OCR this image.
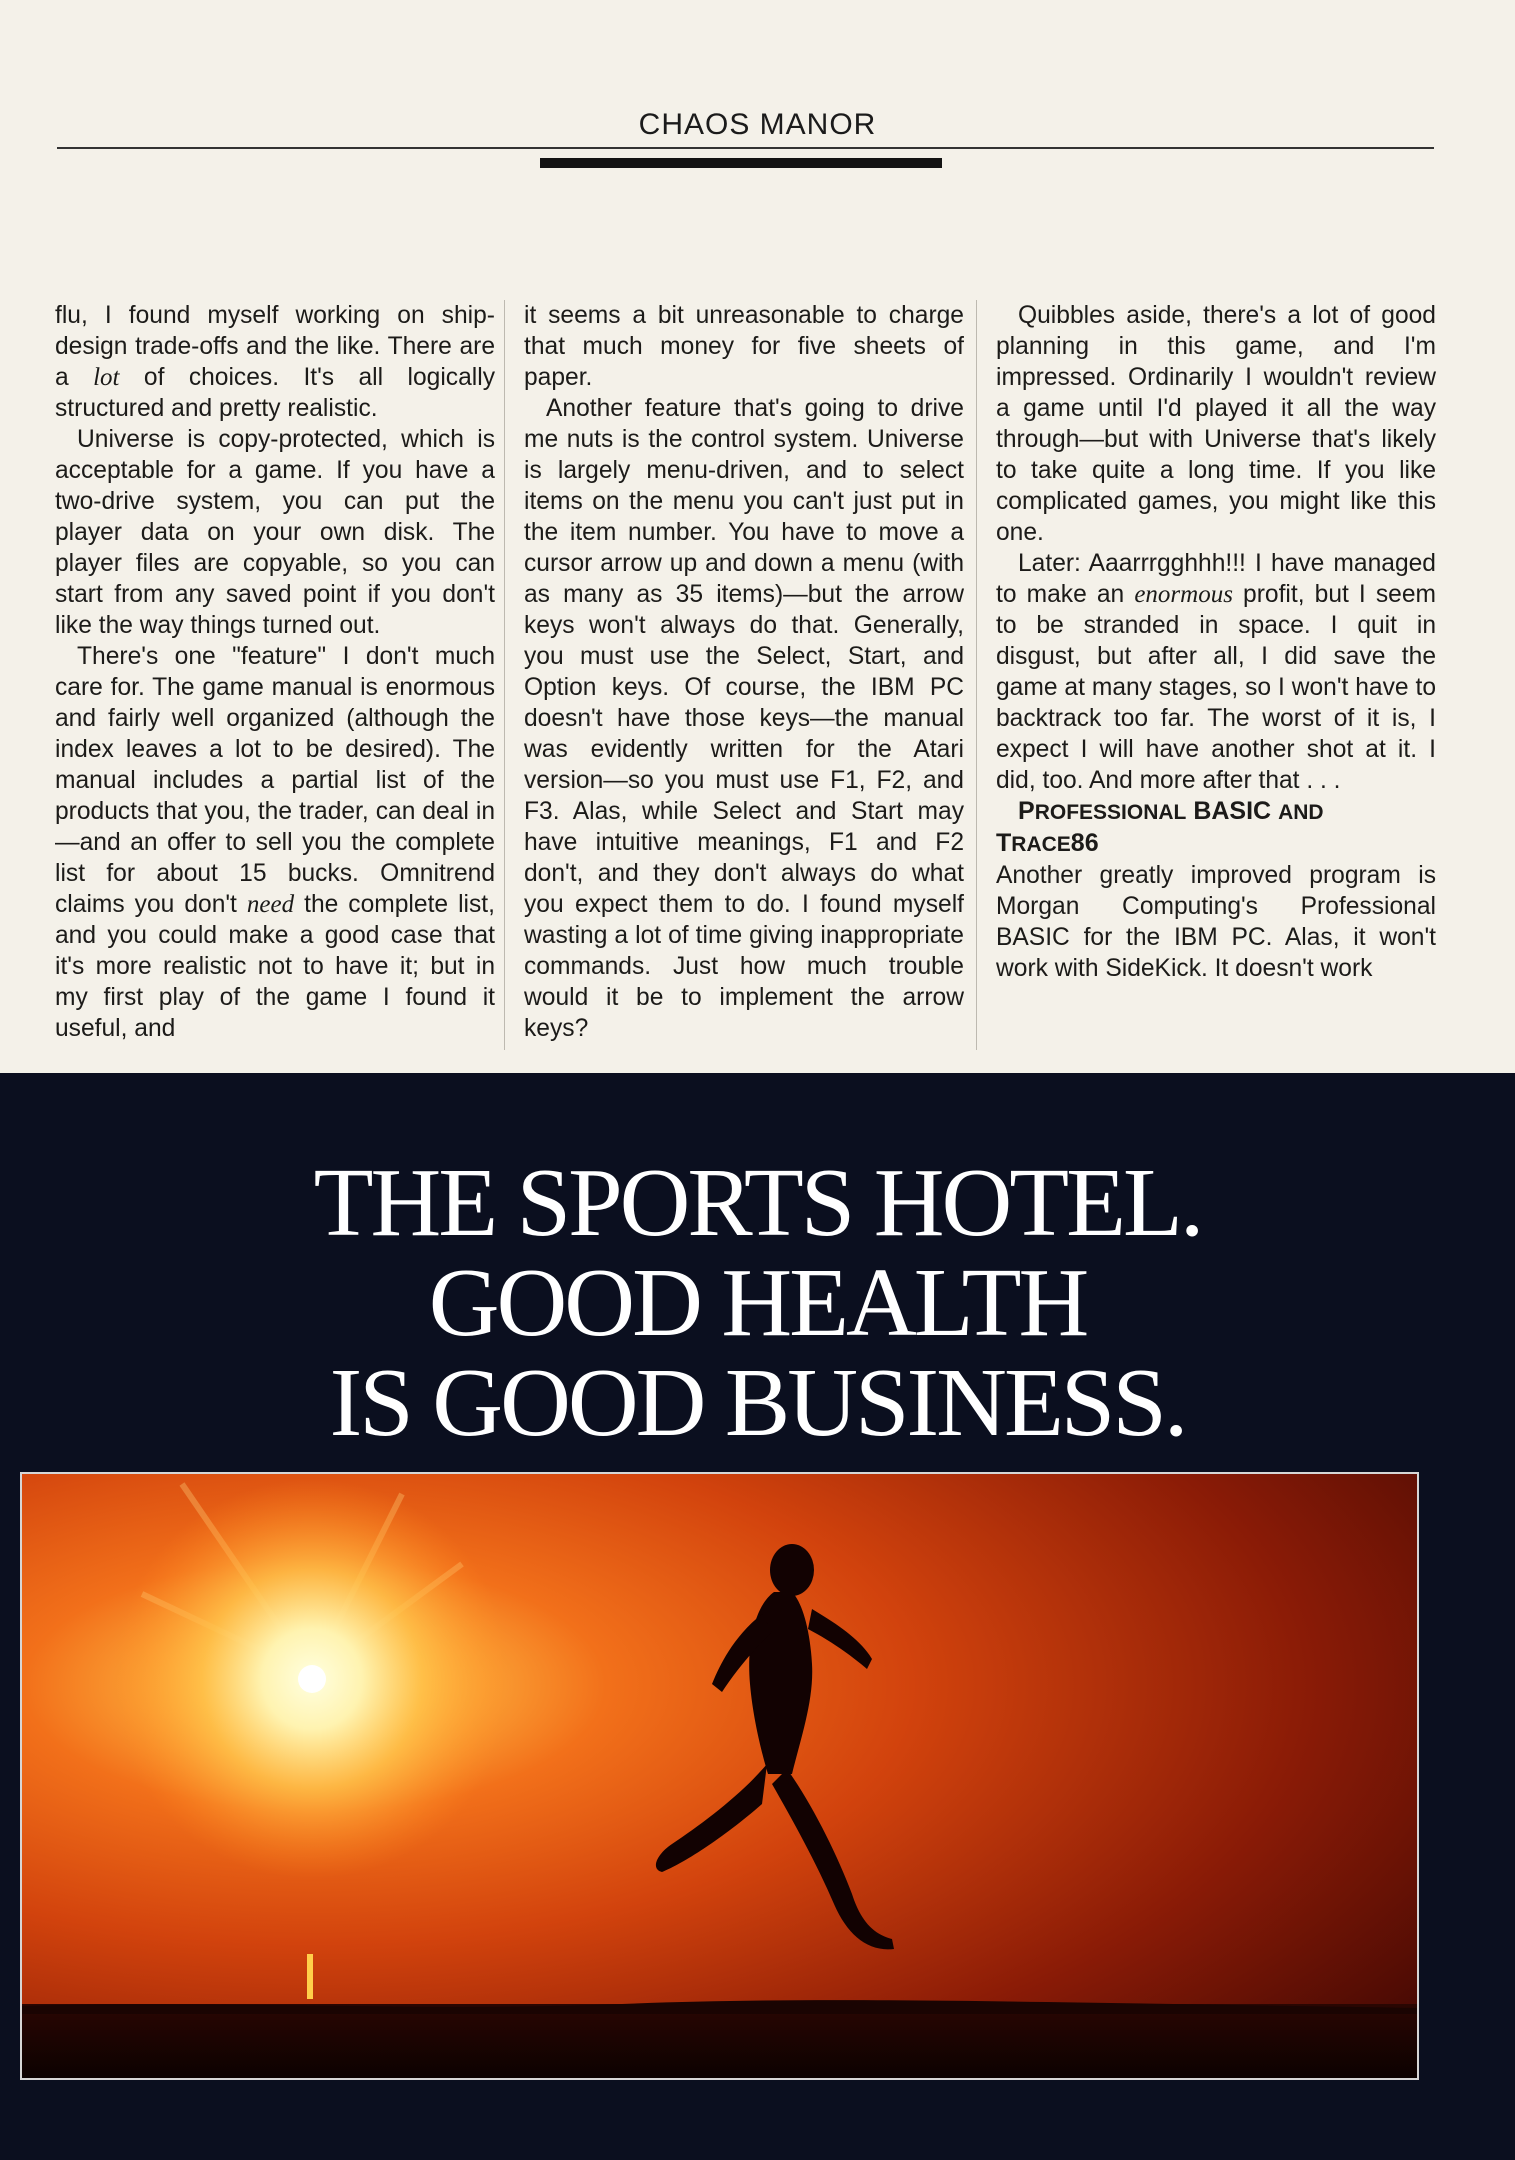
CHAOS MANOR

flu, I found myself working on ship-design trade-offs and the like. There are a lot of choices. It's all logically structured and pretty realistic.

Universe is copy-protected, which is acceptable for a game. If you have a two-drive system, you can put the player data on your own disk. The player files are copyable, so you can start from any saved point if you don't like the way things turned out.

There's one "feature" I don't much care for. The game manual is enormous and fairly well organized (although the index leaves a lot to be desired). The manual includes a partial list of the products that you, the trader, can deal in—and an offer to sell you the complete list for about 15 bucks. Omnitrend claims you don't need the complete list, and you could make a good case that it's more realistic not to have it; but in my first play of the game I found it useful, and

it seems a bit unreasonable to charge that much money for five sheets of paper.

Another feature that's going to drive me nuts is the control system. Universe is largely menu-driven, and to select items on the menu you can't just put in the item number. You have to move a cursor arrow up and down a menu (with as many as 35 items)—but the arrow keys won't always do that. Generally, you must use the Select, Start, and Option keys. Of course, the IBM PC doesn't have those keys—the manual was evidently written for the Atari version—so you must use F1, F2, and F3. Alas, while Select and Start may have intuitive meanings, F1 and F2 don't, and they don't always do what you expect them to do. I found myself wasting a lot of time giving inappropriate commands. Just how much trouble would it be to implement the arrow keys?

Quibbles aside, there's a lot of good planning in this game, and I'm impressed. Ordinarily I wouldn't review a game until I'd played it all the way through—but with Universe that's likely to take quite a long time. If you like complicated games, you might like this one.

Later: Aaarrrgghhh!!! I have managed to make an enormous profit, but I seem to be stranded in space. I quit in disgust, but after all, I did save the game at many stages, so I won't have to backtrack too far. The worst of it is, I expect I will have another shot at it. I did, too. And more after that . . .

PROFESSIONAL BASIC AND
TRACE86

Another greatly improved program is Morgan Computing's Professional BASIC for the IBM PC. Alas, it won't work with SideKick. It doesn't work

THE SPORTS HOTEL.
GOOD HEALTH
IS GOOD BUSINESS.
